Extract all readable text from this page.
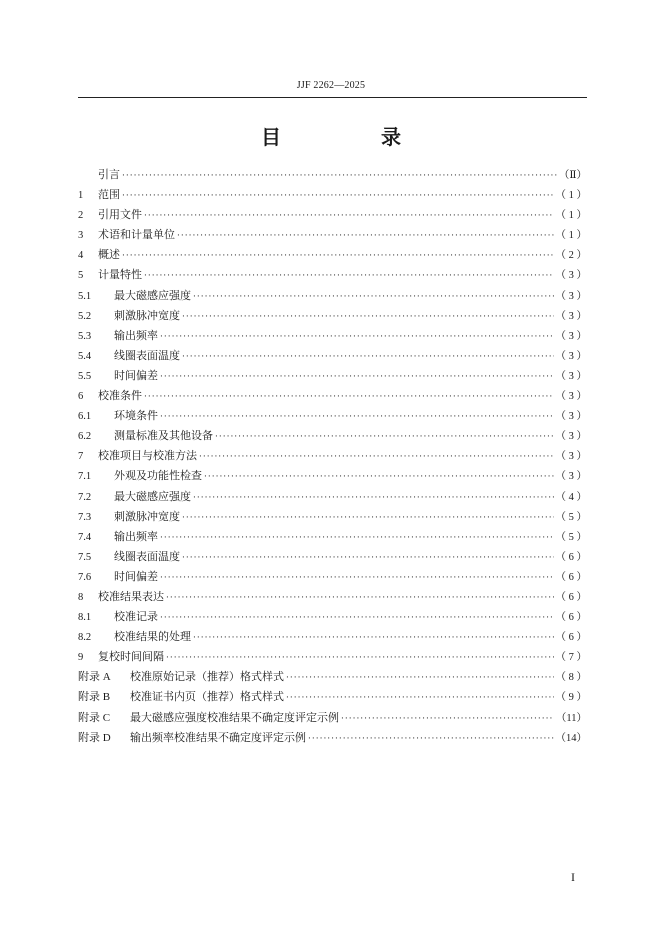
JJF 2262—2025
目　录
引言 ·····	（Ⅱ）
1	范围 ·····	（ 1 ）
2	引用文件 ·····	（ 1 ）
3	术语和计量单位 ·····	（ 1 ）
4	概述 ·····	（ 2 ）
5	计量特性 ·····	（ 3 ）
5.1	最大磁感应强度 ·····	（ 3 ）
5.2	刺激脉冲宽度 ·····	（ 3 ）
5.3	输出频率 ·····	（ 3 ）
5.4	线圈表面温度 ·····	（ 3 ）
5.5	时间偏差 ·····	（ 3 ）
6	校准条件 ·····	（ 3 ）
6.1	环境条件 ·····	（ 3 ）
6.2	测量标准及其他设备 ·····	（ 3 ）
7	校准项目与校准方法 ·····	（ 3 ）
7.1	外观及功能性检查 ·····	（ 3 ）
7.2	最大磁感应强度 ·····	（ 4 ）
7.3	刺激脉冲宽度 ·····	（ 5 ）
7.4	输出频率 ·····	（ 5 ）
7.5	线圈表面温度 ·····	（ 6 ）
7.6	时间偏差 ·····	（ 6 ）
8	校准结果表达 ·····	（ 6 ）
8.1	校准记录 ·····	（ 6 ）
8.2	校准结果的处理 ·····	（ 6 ）
9	复校时间间隔 ·····	（ 7 ）
附录 A	校准原始记录（推荐）格式样式 ·····	（ 8 ）
附录 B	校准证书内页（推荐）格式样式 ·····	（ 9 ）
附录 C	最大磁感应强度校准结果不确定度评定示例 ·····	（11）
附录 D	输出频率校准结果不确定度评定示例 ·····	（14）
I
